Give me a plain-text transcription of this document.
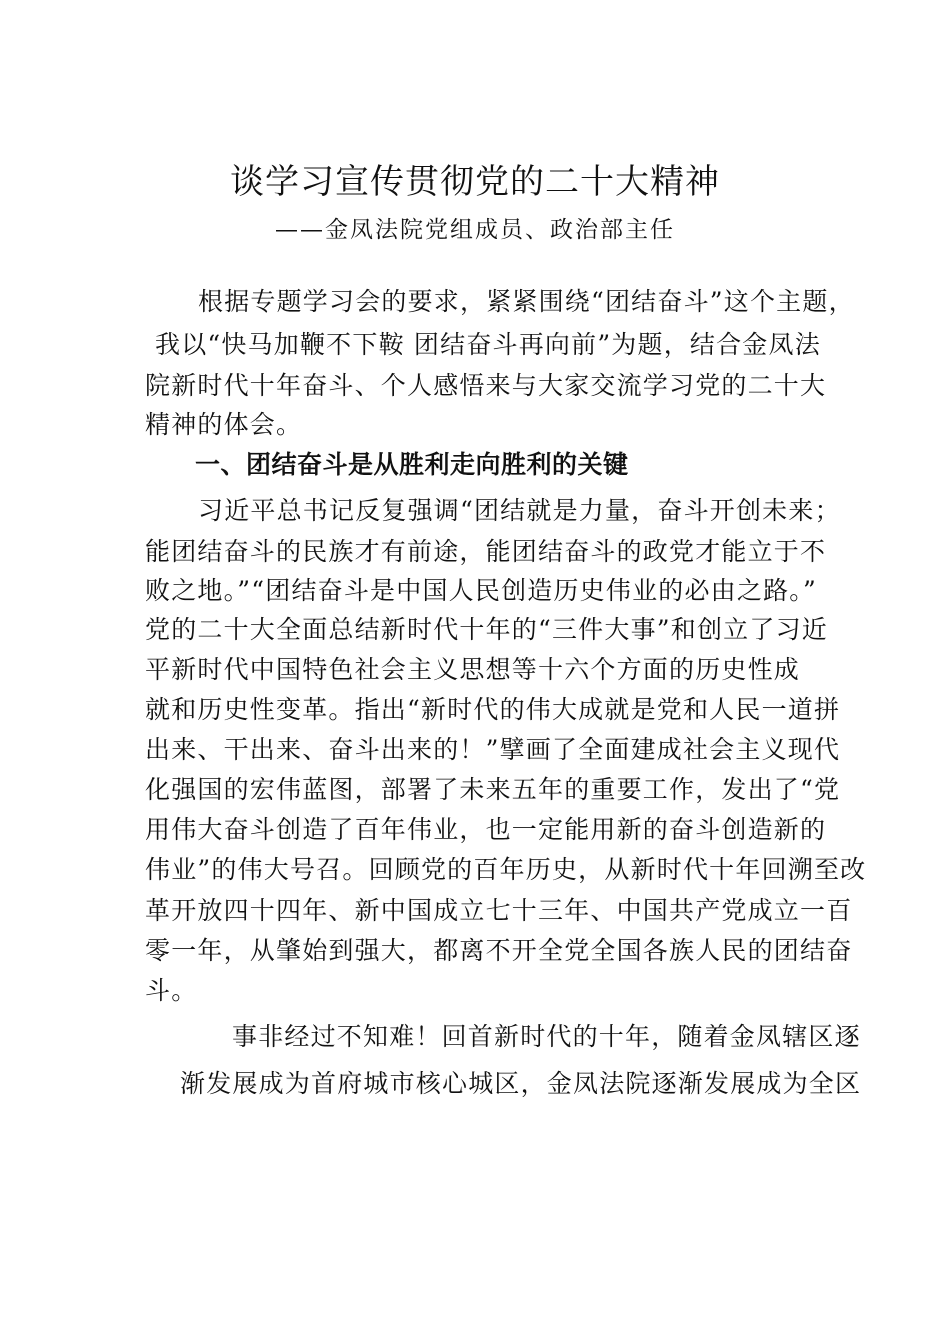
谈学习宣传贯彻党的二十大精神

——金凤法院党组成员、政治部主任

根据专题学习会的要求，紧紧围绕“团结奋斗”这个主题，

我以“快马加鞭不下鞍 团结奋斗再向前”为题，结合金凤法

院新时代十年奋斗、个人感悟来与大家交流学习党的二十大

精神的体会。

一、团结奋斗是从胜利走向胜利的关键

习近平总书记反复强调“团结就是力量，奋斗开创未来；

能团结奋斗的民族才有前途，能团结奋斗的政党才能立于不

败之地。”“团结奋斗是中国人民创造历史伟业的必由之路。”

党的二十大全面总结新时代十年的“三件大事”和创立了习近

平新时代中国特色社会主义思想等十六个方面的历史性成

就和历史性变革。指出“新时代的伟大成就是党和人民一道拼

出来、干出来、奋斗出来的！”擘画了全面建成社会主义现代

化强国的宏伟蓝图，部署了未来五年的重要工作，发出了“党

用伟大奋斗创造了百年伟业，也一定能用新的奋斗创造新的

伟业”的伟大号召。回顾党的百年历史，从新时代十年回溯至改

革开放四十四年、新中国成立七十三年、中国共产党成立一百

零一年，从肇始到强大，都离不开全党全国各族人民的团结奋

斗。

事非经过不知难！回首新时代的十年，随着金凤辖区逐

渐发展成为首府城市核心城区，金凤法院逐渐发展成为全区
